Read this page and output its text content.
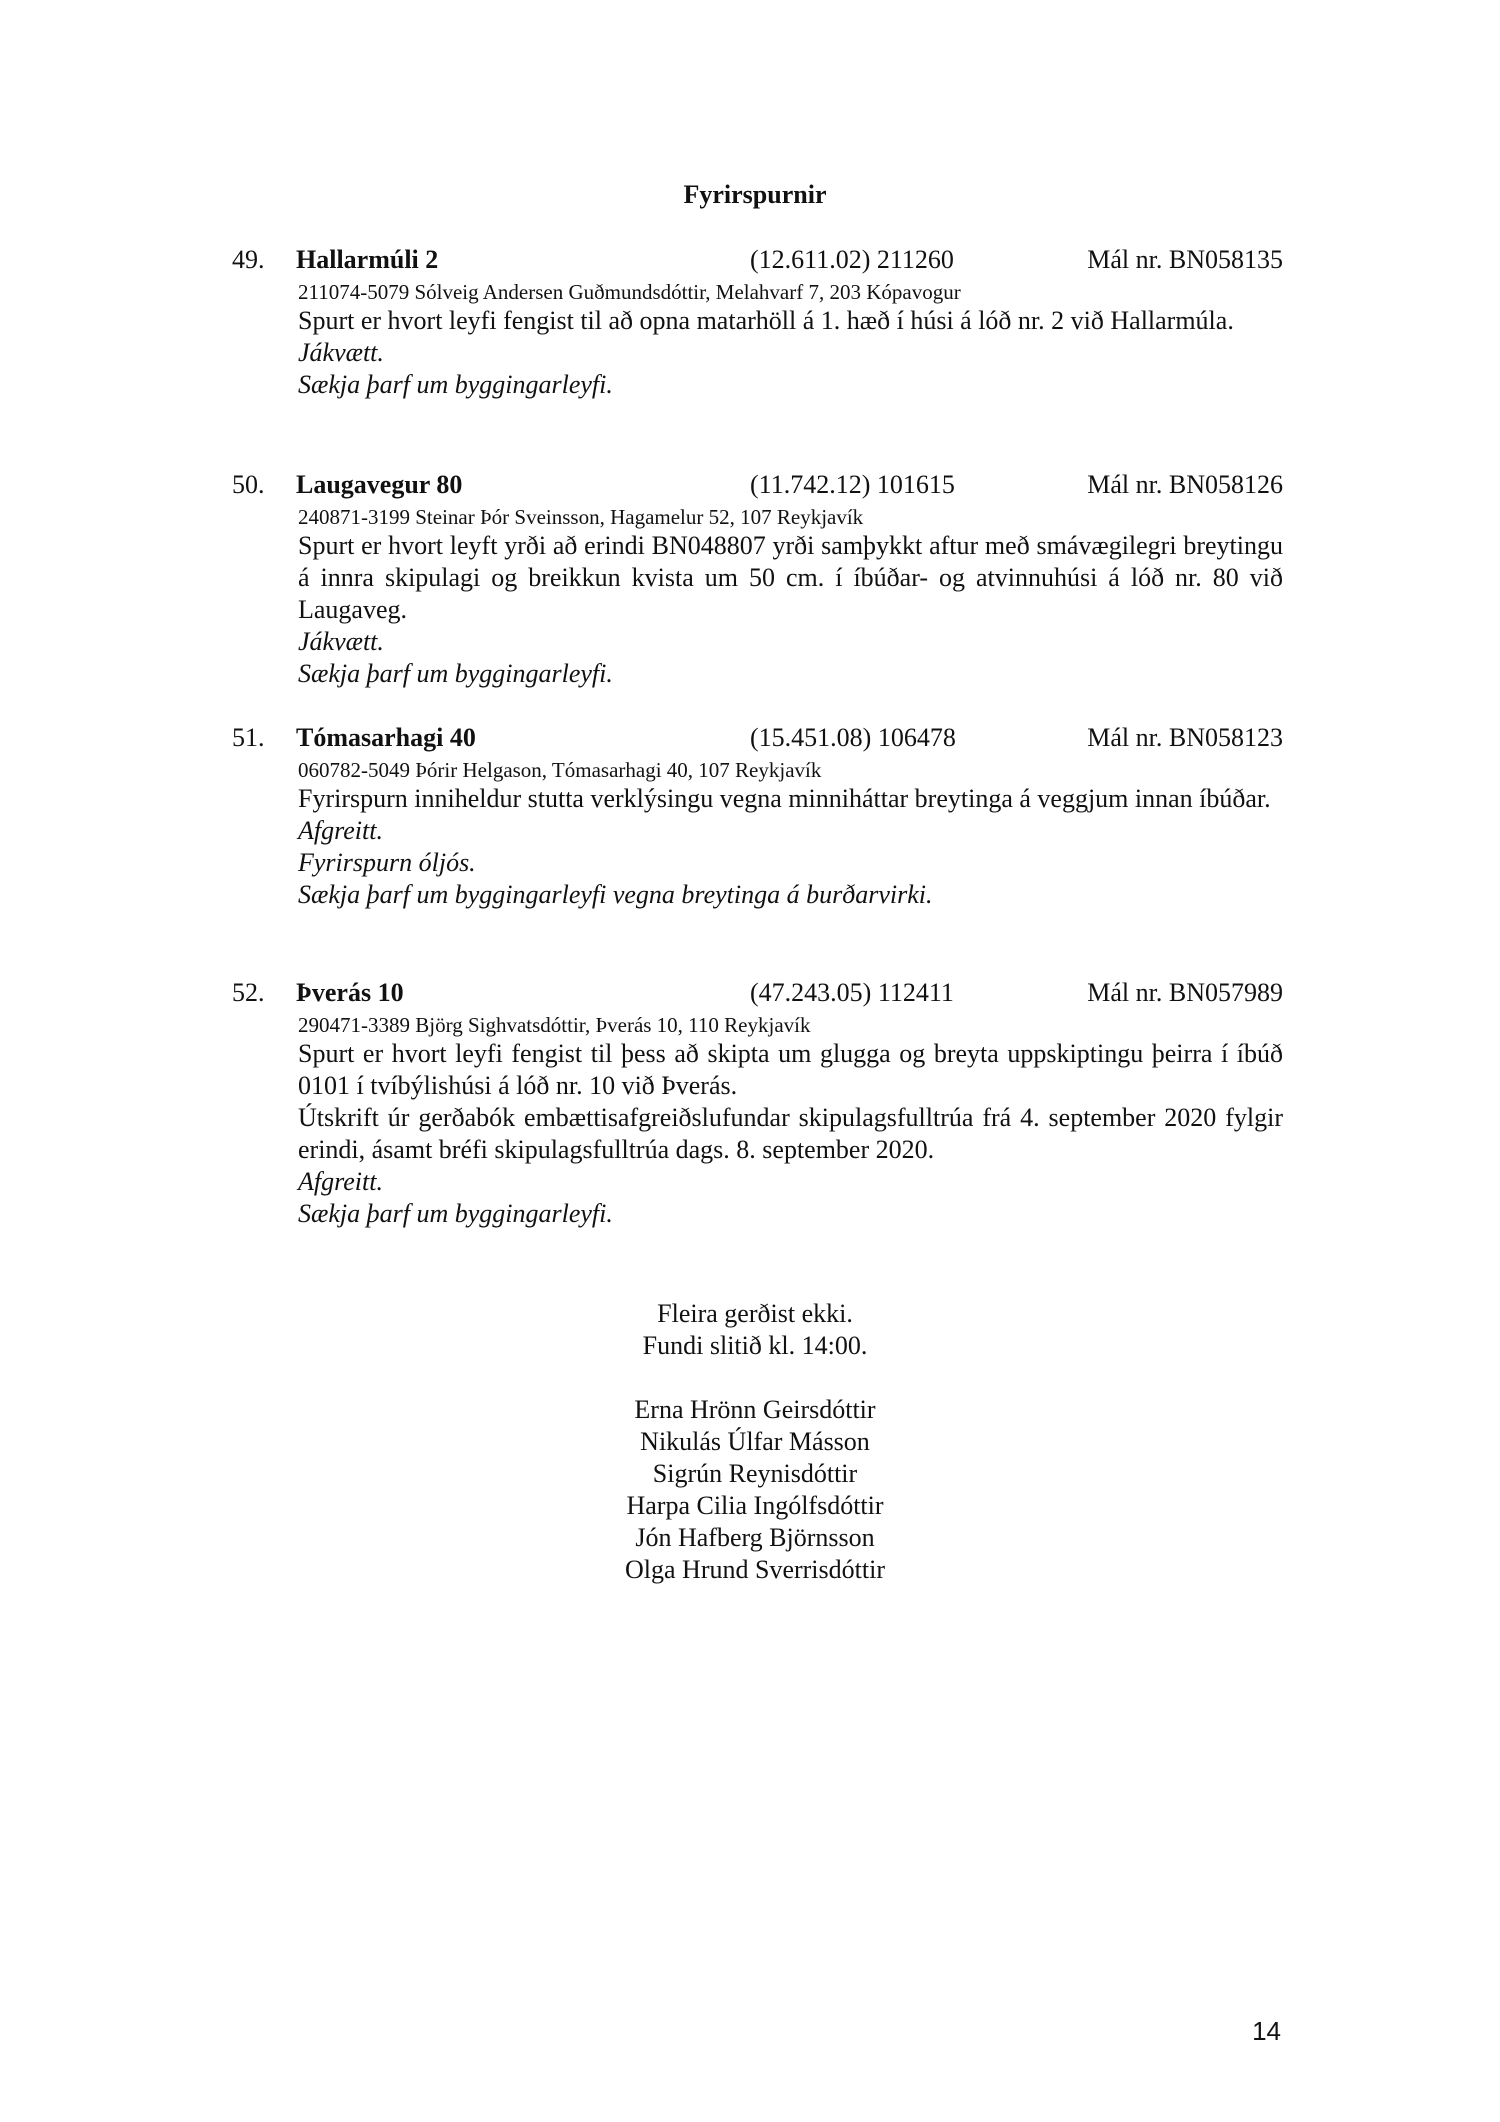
Fyrirspurnir
49. Hallarmúli 2	(12.611.02) 211260	Mál nr. BN058135
211074-5079 Sólveig Andersen Guðmundsdóttir, Melahvarf 7, 203 Kópavogur
Spurt er hvort leyfi fengist til að opna matarhöll á 1. hæð í húsi á lóð nr. 2 við Hallarmúla.
Jákvætt.
Sækja þarf um byggingarleyfi.
50. Laugavegur 80	(11.742.12) 101615	Mál nr. BN058126
240871-3199 Steinar Þór Sveinsson, Hagamelur 52, 107 Reykjavík
Spurt er hvort leyft yrði að erindi BN048807 yrði samþykkt aftur með smávægilegri breytingu á innra skipulagi og breikkun kvista um 50 cm. í íbúðar- og atvinnuhúsi á lóð nr. 80 við Laugaveg.
Jákvætt.
Sækja þarf um byggingarleyfi.
51. Tómasarhagi 40	(15.451.08) 106478	Mál nr. BN058123
060782-5049 Þórir Helgason, Tómasarhagi 40, 107 Reykjavík
Fyrirspurn inniheldur stutta verklýsingu vegna minniháttar breytinga á veggjum innan íbúðar.
Afgreitt.
Fyrirspurn óljós.
Sækja þarf um byggingarleyfi vegna breytinga á burðarvirki.
52. Þverás 10	(47.243.05) 112411	Mál nr. BN057989
290471-3389 Björg Sighvatsdóttir, Þverás 10, 110 Reykjavík
Spurt er hvort leyfi fengist til þess að skipta um glugga og breyta uppskiptingu þeirra í íbúð 0101 í tvíbýlishúsi á lóð nr. 10 við Þverás.
Útskrift úr gerðabók embættisafgreiðslufundar skipulagsfulltrúa frá 4. september 2020 fylgir erindi, ásamt bréfi skipulagsfulltrúa dags. 8. september 2020.
Afgreitt.
Sækja þarf um byggingarleyfi.
Fleira gerðist ekki.
Fundi slitið kl. 14:00.
Erna Hrönn Geirsdóttir
Nikulás Úlfar Másson
Sigrún Reynisdóttir
Harpa Cilia Ingólfsdóttir
Jón Hafberg Björnsson
Olga Hrund Sverrisdóttir
14
